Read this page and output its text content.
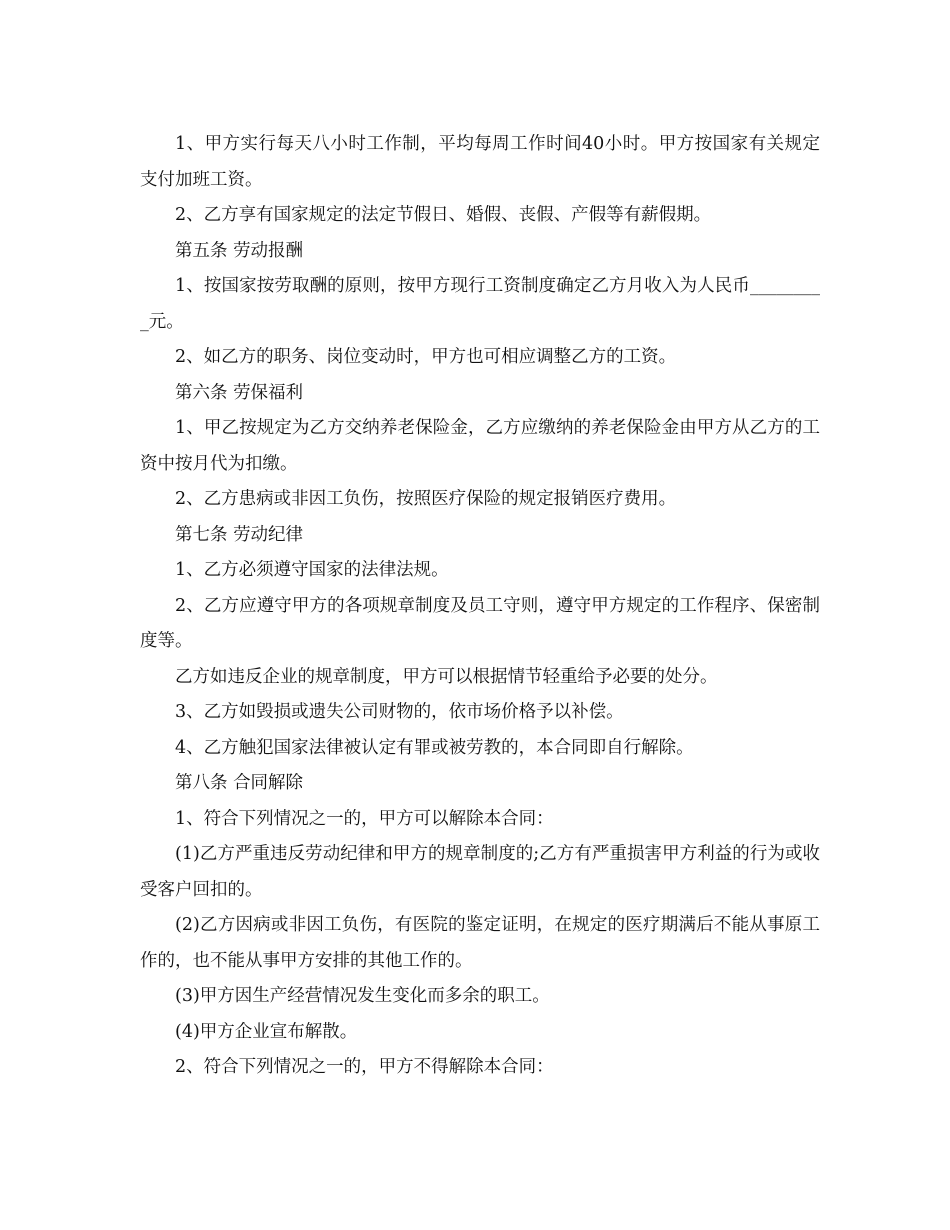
1、甲方实行每天八小时工作制，平均每周工作时间40小时。甲方按国家有关规定支付加班工资。

2、乙方享有国家规定的法定节假日、婚假、丧假、产假等有薪假期。

第五条 劳动报酬

1、按国家按劳取酬的原则，按甲方现行工资制度确定乙方月收入为人民币_________元。

2、如乙方的职务、岗位变动时，甲方也可相应调整乙方的工资。

第六条 劳保福利

1、甲乙按规定为乙方交纳养老保险金，乙方应缴纳的养老保险金由甲方从乙方的工资中按月代为扣缴。

2、乙方患病或非因工负伤，按照医疗保险的规定报销医疗费用。

第七条 劳动纪律

1、乙方必须遵守国家的法律法规。

2、乙方应遵守甲方的各项规章制度及员工守则，遵守甲方规定的工作程序、保密制度等。

乙方如违反企业的规章制度，甲方可以根据情节轻重给予必要的处分。

3、乙方如毁损或遗失公司财物的，依市场价格予以补偿。

4、乙方触犯国家法律被认定有罪或被劳教的，本合同即自行解除。

第八条 合同解除

1、符合下列情况之一的，甲方可以解除本合同：

(1)乙方严重违反劳动纪律和甲方的规章制度的;乙方有严重损害甲方利益的行为或收受客户回扣的。

(2)乙方因病或非因工负伤，有医院的鉴定证明，在规定的医疗期满后不能从事原工作的，也不能从事甲方安排的其他工作的。

(3)甲方因生产经营情况发生变化而多余的职工。

(4)甲方企业宣布解散。

2、符合下列情况之一的，甲方不得解除本合同：
